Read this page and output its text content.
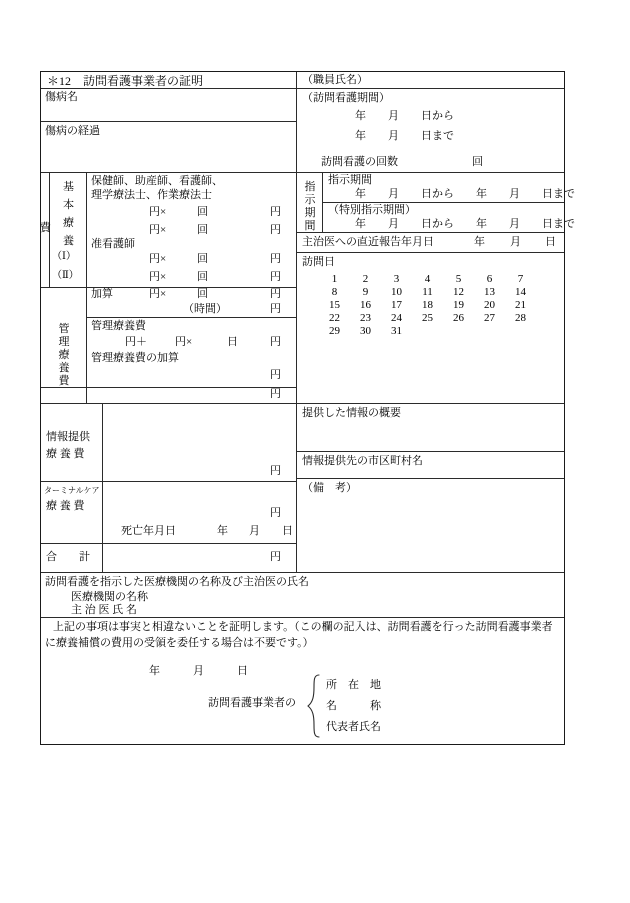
＊12 訪問看護事業者の証明	（職員氏名）
傷病名	（訪問看護期間）
年　　月　　日から
年　　月　　日まで
訪問看護の回数	回
傷病の経過
費
基
本
療
養
（Ⅰ）
（Ⅱ）
保健師、助産師、看護師、
理学療法士、作業療法士
円×	回	円
円×	回	円
准看護師
円×	回	円
円×	回	円
加算	円×	回	円
（時間）	円
管
理
療
養
費
管理療養費
円＋	円×	日	円
管理療養費の加算
円
円
情報提供
療 養 費
円
提供した情報の概要
情報提供先の市区町村名
ターミナルケア
療 養 費
円
死亡年月日	年 月 日
（備　考）
合　　計	円
指
示
期
間
指示期間
年　　月　　日から　　年　　月　　日まで
（特別指示期間）
年　　月　　日から　　年　　月　　日まで
主治医への直近報告年月日	年 月 日
訪問日
1	2	3	4	5	6	7
8	9	10	11	12	13	14
15	16	17	18	19	20	21
22	23	24	25	26	27	28
29	30	31
訪問看護を指示した医療機関の名称及び主治医の氏名
医療機関の名称
主 治 医 氏 名
上記の事項は事実と相違ないことを証明します。（この欄の記入は、訪問看護を行った訪問看護事業者
に療養補償の費用の受領を委任する場合は不要です。）
年　　　月　　　日
訪問看護事業者の
所　在　地
名　　　称
代表者氏名
